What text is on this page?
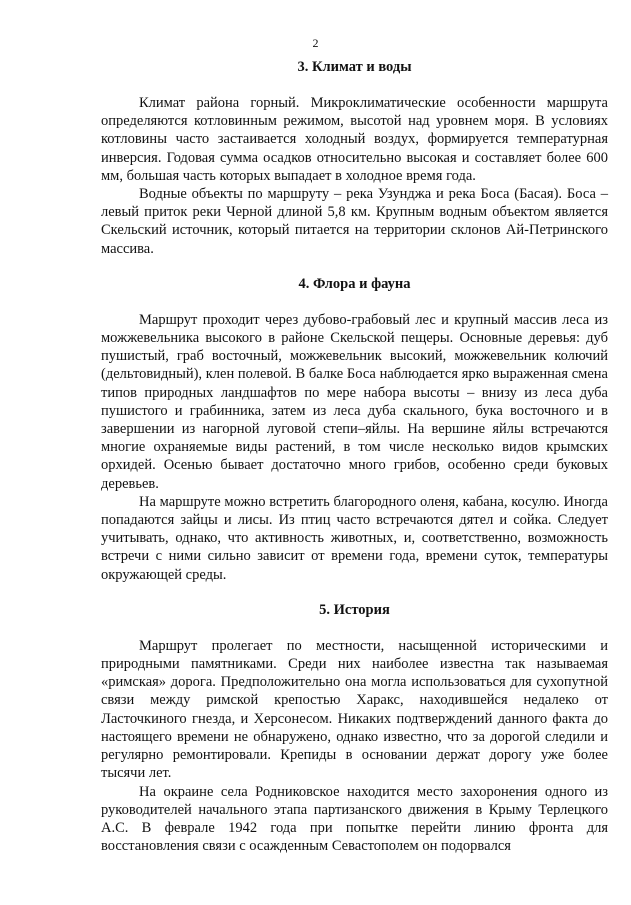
2
3. Климат и воды

Климат района горный. Микроклиматические особенности маршрута определяются котловинным режимом, высотой над уровнем моря. В условиях котловины часто застаивается холодный воздух, формируется температурная инверсия. Годовая сумма осадков относительно высокая и составляет более 600 мм, большая часть которых выпадает в холодное время года.

Водные объекты по маршруту – река Узунджа и река Боса (Басая). Боса – левый приток реки Черной длиной 5,8 км. Крупным водным объектом является Скельский источник, который питается на территории склонов Ай-Петринского массива.

4. Флора и фауна

Маршрут проходит через дубово-грабовый лес и крупный массив леса из можжевельника высокого в районе Скельской пещеры. Основные деревья: дуб пушистый, граб восточный, можжевельник высокий, можжевельник колючий (дельтовидный), клен полевой. В балке Боса наблюдается ярко выраженная смена типов природных ландшафтов по мере набора высоты – внизу из леса дуба пушистого и грабинника, затем из леса дуба скального, бука восточного и в завершении из нагорной луговой степи–яйлы. На вершине яйлы встречаются многие охраняемые виды растений, в том числе несколько видов крымских орхидей. Осенью бывает достаточно много грибов, особенно среди буковых деревьев.

На маршруте можно встретить благородного оленя, кабана, косулю. Иногда попадаются зайцы и лисы. Из птиц часто встречаются дятел и сойка. Следует учитывать, однако, что активность животных, и, соответственно, возможность встречи с ними сильно зависит от времени года, времени суток, температуры окружающей среды.

5. История

Маршрут пролегает по местности, насыщенной историческими и природными памятниками. Среди них наиболее известна так называемая «римская» дорога. Предположительно она могла использоваться для сухопутной связи между римской крепостью Харакс, находившейся недалеко от Ласточкиного гнезда, и Херсонесом. Никаких подтверждений данного факта до настоящего времени не обнаружено, однако известно, что за дорогой следили и регулярно ремонтировали. Крепиды в основании держат дорогу уже более тысячи лет.

На окраине села Родниковское находится место захоронения одного из руководителей начального этапа партизанского движения в Крыму Терлецкого А.С. В феврале 1942 года при попытке перейти линию фронта для восстановления связи с осажденным Севастополем он подорвался
